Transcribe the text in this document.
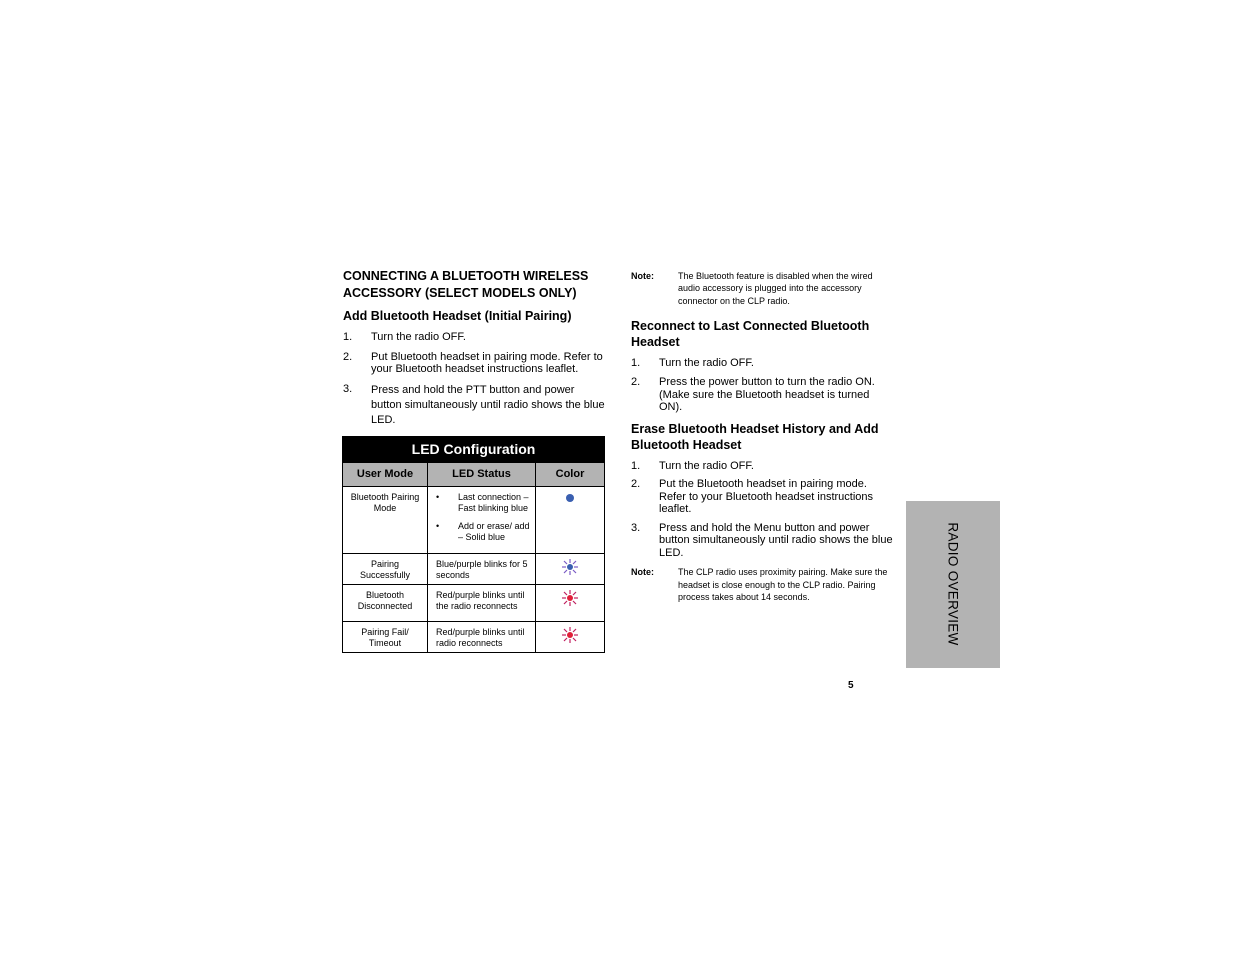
CONNECTING A BLUETOOTH WIRELESS ACCESSORY (SELECT MODELS ONLY)
Add Bluetooth Headset (Initial Pairing)
1.	Turn the radio OFF.
2.	Put Bluetooth headset in pairing mode. Refer to your Bluetooth headset instructions leaflet.
3.	Press and hold the PTT button and power button simultaneously until radio shows the blue LED.
LED Configuration		
User Mode	LED Status	Color
Bluetooth Pairing Mode	• Last connection – Fast blinking blue
• Add or erase/ add – Solid blue

Pairing Successfully	Blue/purple blinks for 5 seconds	
Bluetooth Disconnected	Red/purple blinks until the radio reconnects	
Pairing Fail/ Timeout	Red/purple blinks until radio reconnects	
Note:	The Bluetooth feature is disabled when the wired audio accessory is plugged into the accessory connector on the CLP radio.
Reconnect to Last Connected Bluetooth Headset
1.	Turn the radio OFF.
2.	Press the power button to turn the radio ON. (Make sure the Bluetooth headset is turned ON).
Erase Bluetooth Headset History and Add Bluetooth Headset
1.	Turn the radio OFF.
2.	Put the Bluetooth headset in pairing mode. Refer to your Bluetooth headset instructions leaflet.
3.	Press and hold the Menu button and power button simultaneously until radio shows the blue LED.
Note:	The CLP radio uses proximity pairing. Make sure the headset is close enough to the CLP radio. Pairing process takes about 14 seconds.	RADIO OVERVIEW
5
